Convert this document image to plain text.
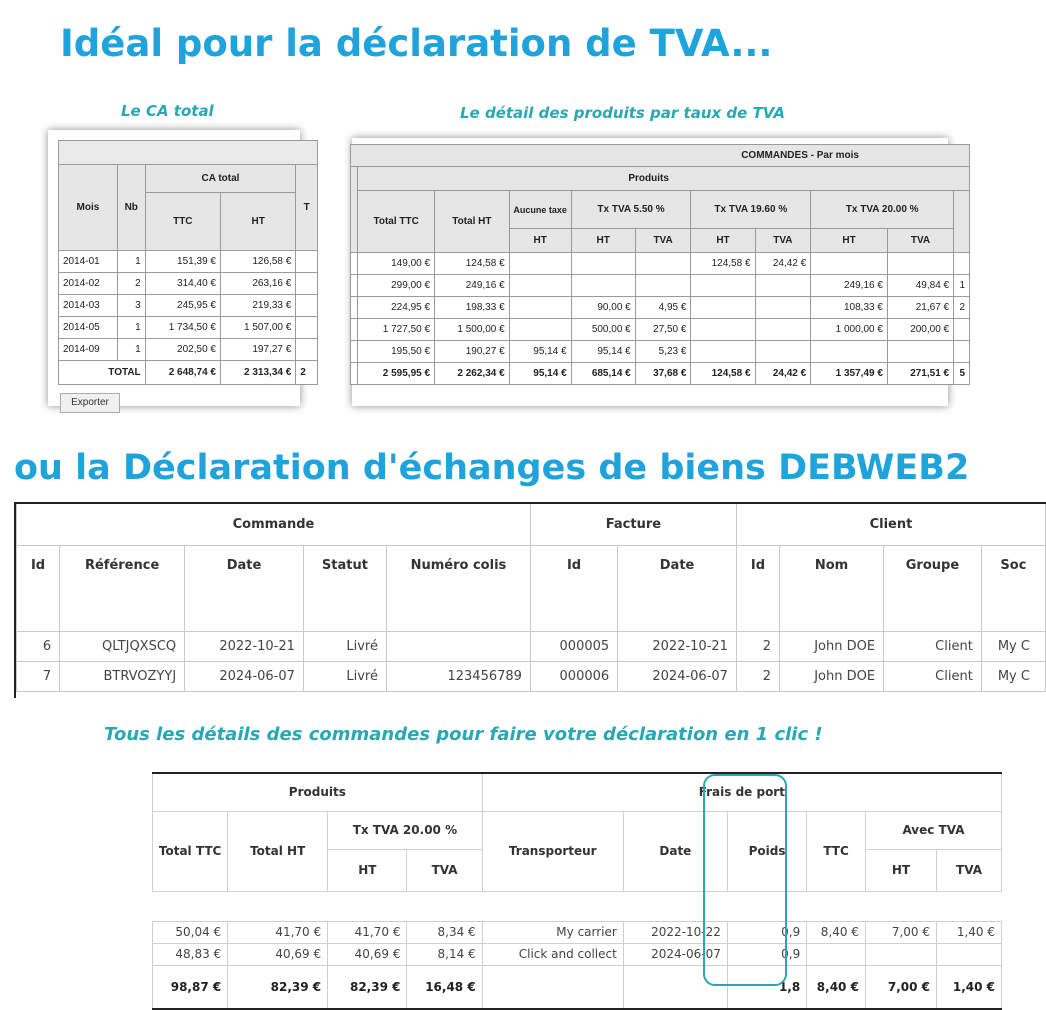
Idéal pour la déclaration de TVA...
Le CA total	Le détail des produits par taux de TVA

Mois	Nb	CA total		T
		TTC	HT	
2014-01	1	151,39 €	126,58 €	
2014-02	2	314,40 €	263,16 €	
2014-03	3	245,95 €	219,33 €	
2014-05	1	1 734,50 €	1 507,00 €	
2014-09	1	202,50 €	197,27 €	
TOTAL		2 648,74 €	2 313,34 €	2
Exporter
COMMANDES - Par mois										
	Produits									
	Total TTC	Total HT	Aucune taxe	Tx TVA 5.50 %		Tx TVA 19.60 %		Tx TVA 20.00 %		
			HT	HT	TVA	HT	TVA	HT	TVA	
	149,00 €	124,58 €				124,58 €	24,42 €			
	299,00 €	249,16 €						249,16 €	49,84 €	1
	224,95 €	198,33 €		90,00 €	4,95 €			108,33 €	21,67 €	2
	1 727,50 €	1 500,00 €		500,00 €	27,50 €			1 000,00 €	200,00 €	
	195,50 €	190,27 €	95,14 €	95,14 €	5,23 €					
	2 595,95 €	2 262,34 €	95,14 €	685,14 €	37,68 €	124,58 €	24,42 €	1 357,49 €	271,51 €	5
ou la Déclaration d'échanges de biens DEBWEB2
Commande					Facture		Client			
Id	Référence	Date	Statut	Numéro colis	Id	Date	Id	Nom	Groupe	Soc

6	QLTJQXSCQ	2022-10-21	Livré		000005	2022-10-21	2	John DOE	Client	My C
7	BTRVOZYYJ	2024-06-07	Livré	123456789	000006	2024-06-07	2	John DOE	Client	My C
Tous les détails des commandes pour faire votre déclaration en 1 clic !
Produits				Frais de port					
Total TTC	Total HT	Tx TVA 20.00 %		Transporteur	Date	Poids	TTC	Avec TVA	
		HT	TVA					HT	TVA

50,04 €	41,70 €	41,70 €	8,34 €	My carrier	2022-10-22	0,9	8,40 €	7,00 €	1,40 €
48,83 €	40,69 €	40,69 €	8,14 €	Click and collect	2024-06-07	0,9			
98,87 €	82,39 €	82,39 €	16,48 €			1,8	8,40 €	7,00 €	1,40 €
